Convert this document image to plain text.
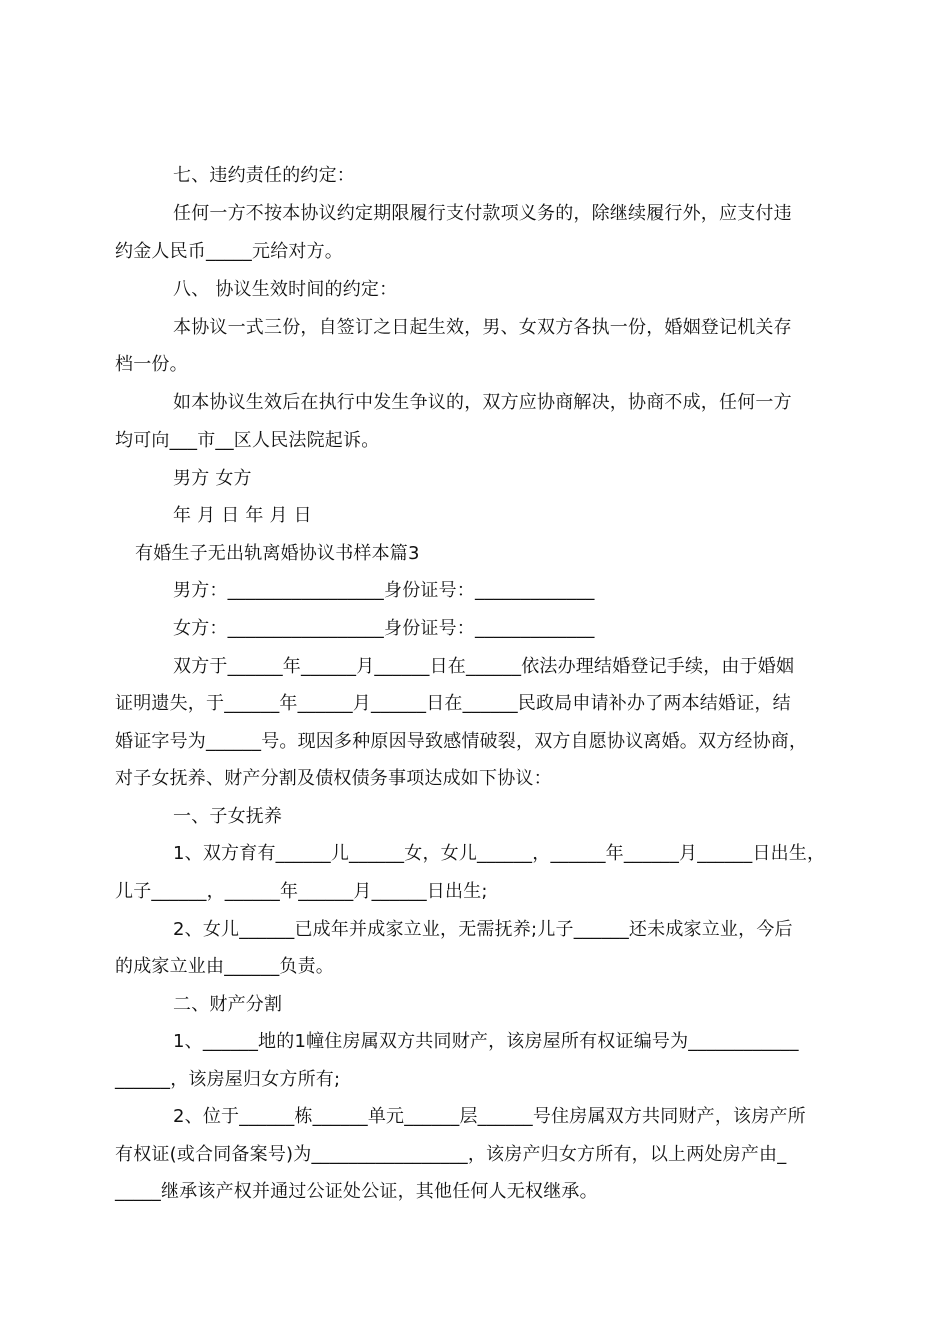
七、违约责任的约定：

任何一方不按本协议约定期限履行支付款项义务的，除继续履行外，应支付违

约金人民币_____元给对方。

八、 协议生效时间的约定：

本协议一式三份，自签订之日起生效，男、女双方各执一份，婚姻登记机关存

档一份。

如本协议生效后在执行中发生争议的，双方应协商解决，协商不成，任何一方

均可向___市__区人民法院起诉。

男方 女方

年 月 日 年 月 日

有婚生子无出轨离婚协议书样本篇3

男方：_________________身份证号：_____________

女方：_________________身份证号：_____________

双方于______年______月______日在______依法办理结婚登记手续，由于婚姻

证明遗失，于______年______月______日在______民政局申请补办了两本结婚证，结

婚证字号为______号。现因多种原因导致感情破裂，双方自愿协议离婚。双方经协商，

对子女抚养、财产分割及债权债务事项达成如下协议：

一、子女抚养

1、双方育有______儿______女，女儿______，______年______月______日出生，

儿子______，______年______月______日出生;

2、女儿______已成年并成家立业，无需抚养;儿子______还未成家立业，今后

的成家立业由______负责。

二、财产分割

1、______地的1幢住房属双方共同财产，该房屋所有权证编号为____________

______，该房屋归女方所有;

2、位于______栋______单元______层______号住房属双方共同财产，该房产所

有权证(或合同备案号)为_________________，该房产归女方所有，以上两处房产由_

_____继承该产权并通过公证处公证，其他任何人无权继承。
